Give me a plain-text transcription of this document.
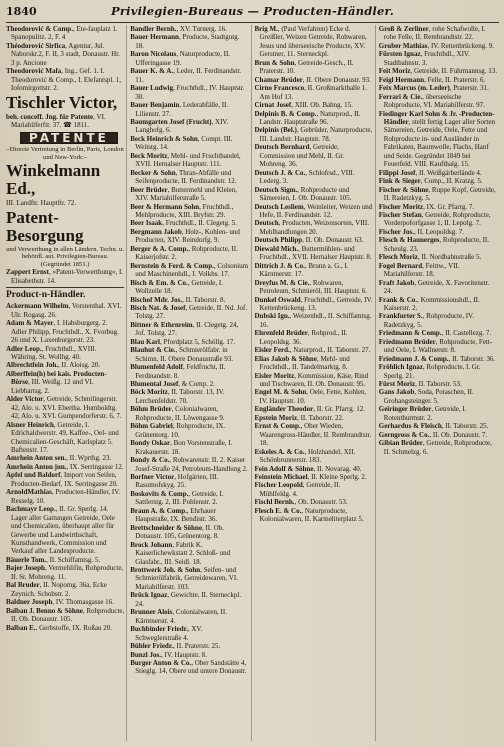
1840	Privilegien-Bureaus — Producten-Händler.

Theodorović & Comp., Ete-fauplatz 1. Spanopulitz. 2, F. 4

Théodorović Sirfica, Agentur, Jul. Naborskr.2, F. II, 3 stadt, Donaustr. Hr. 3 p. Ancione

Theodorović Mafa, Ing., Gef. 1. I. Theodorović & Comp., I. Elefantspl. 1, Iofomirgottstr. 2.

Tischler Victor,

beh. conceff. Jng. für Patente, VI. Mariahilferftr. 37. ☎ 1811.

PATENTE

–Directe Vertretung in Berlin, Paris, London und New-York:–

Winkelmann Ed.,

III. Landftr. Hauptftr. 72.

Patent-Besorgung

und Verwerthung in allen Ländern. Techn. u. behördl. aut. Privilegien-Bureau. (Gegründet 1851.)

Zappert Ernst, »Patent-Verwerthung«, I. Elisabethstr. 14.

Product-n-Händler.

Ackermann Wilhelm, Vorstenthal. XVI. Ulr. Rogasg. 26.

Adam & Mayer, I. Habsburgerg. 2. Adler Philipp, Fruchthdl., X. Fvorbug. 26 und X. Laxenburgerstr. 23.

Adler Leop., Fruchthdl., XVIII. Währing. St. Wollhg. 40.

Albrechtfein Joh., II. Aloisg. 20.

Alberffein(h) bei kais. Producten- Börse, III. Weißg. 12 und VI. Liebhartsg. 2.

Alder Victor, Getreide, Schmilingerstr. 42, Alo. u. XVI. Ebertha. Humboldtg. 42, Alo. u. XVI. Gumpendorferstr. 6, 7.

Alsner Heinrich, Getreide, I. Edrichaldwerstr. 49, Kaffee-, Oel- und Chemicalien-Geschäft, Karlsplatz 5. Baftenstr. 17.

Amrhein Anton sen., II. Wprthg. 23.

Amrhein Anton jun., IX. Serringasse 12.

Apfel und Baldorf, Import von Seifen, Producten-Bedarf, IX. Serringasse 20.

ArnoldMathias, Producten-Händler, IV. Resselg. 10.

Bachmayr Leop., II. Gr. Sperlg. 14. Lager aller Gattungen Getreide, Oele und Chemicalien, überhaupt aller für Gewerbe und Landwirthschaft, Kunsthandwerk, Commission und Verkauf aller Landesproducte.

Bäuerle Tom., II. Schiffamtsg. 5.

Bajer Joseph, Vermehlifin, Rohproducte, II. Sr. Mohreng. 11.

Bal Bruder, II. Nopomg. 36a, Ecke Zeynich. Schobstr. 2.

Baldner Joseph, IV. Thomasgasse 16.

Balban J. Benno & Söhne, Rohproducte, II. Ob. Donaustr. 105.

Balban E., Gerbstoffe, IX. Roßau 20.

Bandler Bernh., XV. Turnerg. 16.

Bauer Hermann, Producte, Stadtgutg. 18.

Baron Nicolaus, Naturproducte, II. Ufferingasse 19.

Bauer K. & A., Leder, II. Ferdinandstr. 11.

Bauer Ludwig, Fruchthdl., IV. Hauptstr. 30.

Bauer Benjamin, Lederabfälle, II. Lilienstr. 27.

Baumgarten Josef (Frucht), XIV. Langhofg. 6.

Beck Heinrich & Sohn, Compt. III. Weitstg. 14.

Beck Moritz, Mehl- und Fruchthandel, XVII. Hernalser Hauptstr. 111.

Becker & Sohn, Thran-Abfälle und Seifenproducte, II. Ferdinandstr. 12.

Beer Brüder, Buttermehl und Kleien, XIV. Mariahilferstraße 5.

Beer & Hermann Sohn, Fruchthdl., Mehlproducte, XIII. Bryfstr. 29.

Beer Isaak, Fruchthdl., II. Clegetg. 5.

Bergmann Jakob, Holz-, Kohlen- und Producten, XIV. Reindorfg. 9.

Berger & A. Comp., Rohproducte, II. Kaiserjofstr. 2.

Bernstein & Ferd. & Comp., Colsonium und Maschinenhdl., I. Volkhs. 17.

Bisch & Em. & Co., Getreide, I. Wollzeile 18.

Bischof Mdr. Jos., II. Taborstr. 8.

Bisch Nat. & Josef, Getreide, II. Nd. Jof. Tolstg. 27.

Bittner & Ethrnreim, II. Clegetg. 24, Jof. Tolstg. 27.

Blau Karl, Pfordplatz 5, Schöllg. 17.

Blauhut & Cie., Schmierölfabr. in Schimn, II. Obere Donaustraße 93.

Blumenfeld Adolf, Feldfrucht, II. Ferdinandstr. 8.

Blumental Josef, & Comp. 2.

Böck Moritz, II. Taborstr. 13, IV. Lerchenfeldstr. 70.

Böhm Brüder, Colonialwaren, Rohproducte, II. Löwengasse 9.

Böhm Gabriel, Rohproducte, IX. Grünentorg. 10.

Bondy Oskar, Bon Vorstenstraße, I. Krakauerstr. 18.

Bondy & Co., Rohwarenstr. II. 2. Kaiser Josef-Straße 24, Petroleum-Handlung 2.

Borfner Victor, Hofgärten, III. Rasumofskyg. 25.

Boskovits & Comp., Getreide, I. Sattlerstg. 2, III. Pohlenstr. 2.

Braun A. & Comp., Ehrhauer Haupstraße, IX. Bendistr. 36.

Brettschneider & Söhne, II. Ob. Donaustr. 105, Grünentorg. 8.

Brock Johann, Fabrik K. Kaiserlichewkstatt 2. Schloß- und Glasfabr., III. Seidl. 18.

Brottwerk Joh. & Sohn, Seifen- und Schmierölfabrik, Getreidewaren, VI. Mariahilferstr. 103.

Brück Ignaz, Gewichte, II. Sterneckpl. 24.

Brunner Alois, Colonialwaren, II. Kärntnerstr. 4.

Buchbinder Friedr., XV. Schweglerstraße 4.

Bühler Friedr., II. Praterstr. 25.

Bunzl Jos., IV. Hauptstr. 8.

Burger Anton & Co., Ober Sandstätte 4, Stieglg. 14, Obere und untere Donaustr.

Brig M., (Paul Verfahren) Ecke d. Greißler, Weizen Getreide, Rohwaren, Jesus und überseeische Producte, XV. Gerstner, 11. Sterneckpl.

Brun & Sohn, Getreide-Gesch., II. Praterstr. 10.

Chamar Brüder, II. Obere Donaustr. 93.

Cirno Francesco, II. Großmarkthalle 1. Am Hof 13.

Cirnat Josef, XIII. Ob. Bahng. 15.

Delpinis B. & Comp., Naturprod., II. Landstr. Hauptstraße 96.

Delpinis (Bel.), Gebrüder, Naturproducte, III. Landstr. Hauptstr. 78.

Deutsch Bernhard, Getreide, Commission und Mehl, II. Gr. Mohreng. 36.

Deutsch J. & Co., Schlofrsd., VIII. Lederg. 3.

Deutsch Sigm., Rohproducte und Sämereien, I. Ob. Donaustr. 105.

Deutsch Lesliem, Weinleiter, Weizen und Hefe, II. Ferdinandstr. 12.

Deutsch, Producten, Weizensorten, VIII. Mehlhandlungen 20.

Deutsch Philipp, II. Ob. Donaustr. 63.

Diewald Mich., Buttermühlen- und Fruchthdl., XVII. Hernalser Hauptstr. 8.

Dittrich J. & Co., Brunn a. G., I. Kärntnerstr. 17.

Dreyfus M. & Cie., Rohwaren, Petroleum, Schmieröl, III. Hauptstr. 6.

Dunkel Oswald, Fruchthdl., Getreide, IV. Kettenbrückeng. 13.

Dubski Ign., Weizenhdl., II. Schiffamtsg. 16.

Ehrenfeld Brüder, Rohprod., II. Leopoldsg. 36.

Eisler Ferd., Naturprod., II. Taborstr. 27.

Elias Jakob & Söhne, Mehl- und Fruchthdl., II. Tandelmarktg. 8.

Eisler Moritz, Kommission, Käse, Rind und Tischwaren, II. Ob. Donaustr. 95.

Engel M. & Sohn, Oele, Fette, Kohlen, IV. Hauptstr. 10.

Engländer Theodor, II. Gr. Pfarrg. 12.

Epstein Moriz, II. Taborstr. 22.

Ernst & Comp., Ober Wieden, Waarengross-Händler, II. Rembrandtstr. 18.

Eskeles A. & Co., Holzhandel, XII. Schönbrunnerstr. 183.

Fein Adolf & Söhne, II. Novarag. 40.

Feinstein Michael, II. Kleine Sperlg. 2.

Fischer Leopold, Getreide, II. Mühlfeldg. 4.

Fischl Bernh., Ob. Donaustr. 53.

Flesch E. & Co., Naturproducte, Kolonialwaren, II. Karmeliterplatz 5.

Groß & Zerliner, rohe Schafwolle, I. rohe Felle, II. Rembrandtstr. 22.

Gruber Mathias, IV. Rettenbrückeng. 9.

Fürsten Ignaz, Fruchthdl., XIV. Stadtbahnstr. 3.

Feit Moriz, Getreide, II. Fuhrmannsg. 13.

Feigl Hermann, Felle, II. Praterstr. 6.

Feix Marcus (m. Leder), Praterstr. 31.

Ferrari & Cie., überseeische Rohproducte, VI. Mariahilferstr. 97.

Fiedinger Karl Sohn & Jr. -Producten-Händler, stellt fertig Lager aller Sorten Sämereien, Getreide, Oele, Fette und Rohproducte in- und Ausländer in Fabrikaten, Baumwolle, Flachs, Hanf und Seide. Gegründet 1849 bei Feuerfeld. VIII. Kaufthalg. 15.

Filippi Josef, II. Weißgärberlände 4.

Fink & Sieger, Comp., II. Kratzg. 5.

Fischer & Söhne, Ruppe Kopf, Getreide, II. Radetzkyg. 5.

Fischer Moritz, IX. Gr. Pfarrg. 7.

Fischer Stefan, Getreide, Rohproducte, Vorderpoforfgasse 1, II. Lepolg. 7.

Fischer Jos., II. Leopoldsg. 7.

Flesch & Haunerges, Rohproducte, II. Scheulg. 23.

Flesch Moriz, II. Nordbahnstraße 5.

Fogel Bernard, Feittw., VII. Mariahilferstr. 18.

Fraft Jakob, Getreide, X. Favoritenstr. 24.

Frank & Co., Kommissionshdl., II. Kaiserstr. 2.

Frankfurter S., Rohproducte, IV. Radetzkyg. 5.

Friedmann & Comp., II. Castellezg. 7.

Friedmann Brüder, Rohproducte, Fett- und Oele, I. Wallnerstr. 8.

Friedmann J. & Comp., II. Taborstr. 36.

Fröhlich Ignaz, Rohproducte, I. Gr. Sperlg. 21.

Fürst Moriz, II. Taborstr. 53.

Gans Jakob, Soda, Potaschen, II. Grohangsteinger. 5.

Geiringer Brüder, Getreide, I. Rotenthurmstr. 2.

Gerhardus & Fleisch, II. Taborstr. 25.

Gerngross & Co., II. Ob. Donaustr. 7.

Gibian Brüder, Getreide, Rohproducte, II. Schmelzg. 6.
